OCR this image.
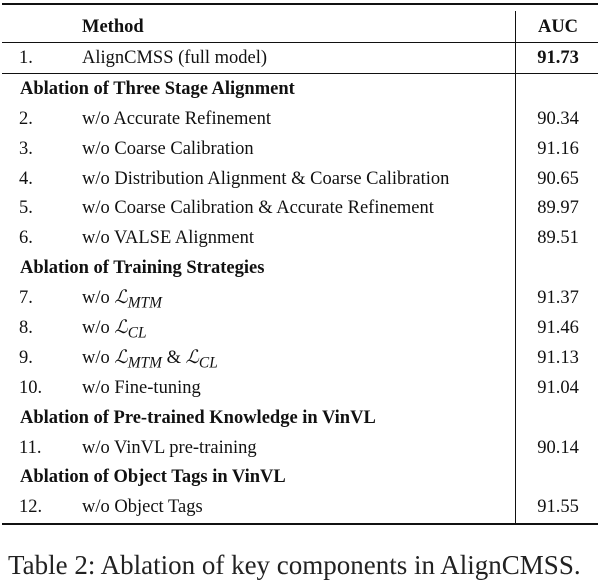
Method	AUC
1.	AlignCMSS (full model)	91.73
Ablation of Three Stage Alignment
2.	w/o Accurate Refinement	90.34
3.	w/o Coarse Calibration	91.16
4.	w/o Distribution Alignment & Coarse Calibration	90.65
5.	w/o Coarse Calibration & Accurate Refinement	89.97
6.	w/o VALSE Alignment	89.51
Ablation of Training Strategies
7.	w/o ℒ$_{MTM}$	91.37
8.	w/o ℒ$_{CL}$	91.46
9.	w/o ℒ$_{MTM}$ & ℒ$_{CL}$	91.13
10. w/o Fine-tuning	91.04
Ablation of Pre-trained Knowledge in VinVL
11. w/o VinVL pre-training	90.14
Ablation of Object Tags in VinVL
12. w/o Object Tags	91.55
Table 2: Ablation of key components in AlignCMSS.
